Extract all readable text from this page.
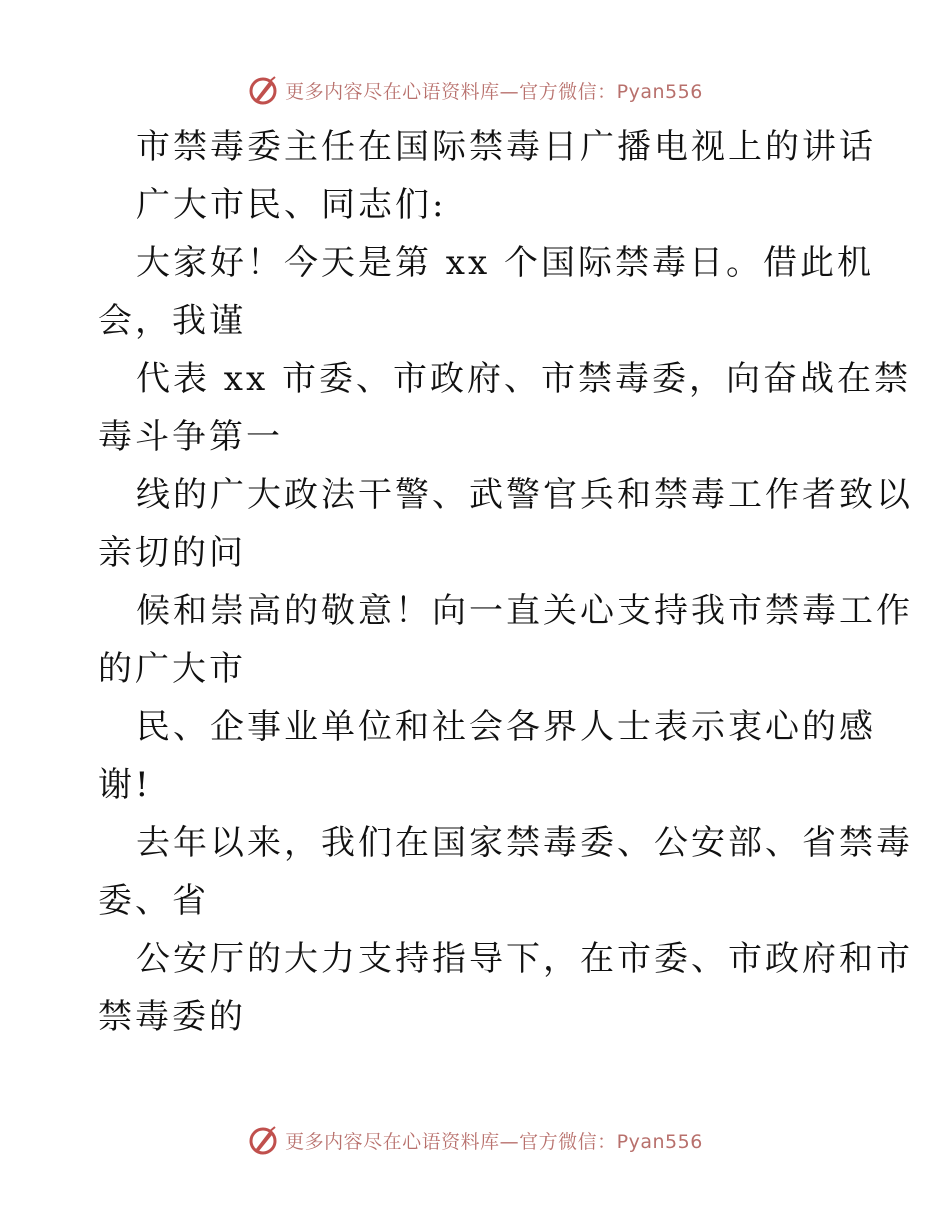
更多内容尽在心语资料库—官方微信：Pyan556
市禁毒委主任在国际禁毒日广播电视上的讲话
广大市民、同志们:
大家好！今天是第 xx 个国际禁毒日。借此机
会，我谨
代表 xx 市委、市政府、市禁毒委，向奋战在禁
毒斗争第一
线的广大政法干警、武警官兵和禁毒工作者致以
亲切的问
候和崇高的敬意！向一直关心支持我市禁毒工作
的广大市
民、企事业单位和社会各界人士表示衷心的感
谢!
去年以来，我们在国家禁毒委、公安部、省禁毒
委、省
公安厅的大力支持指导下，在市委、市政府和市
禁毒委的
更多内容尽在心语资料库—官方微信：Pyan556
